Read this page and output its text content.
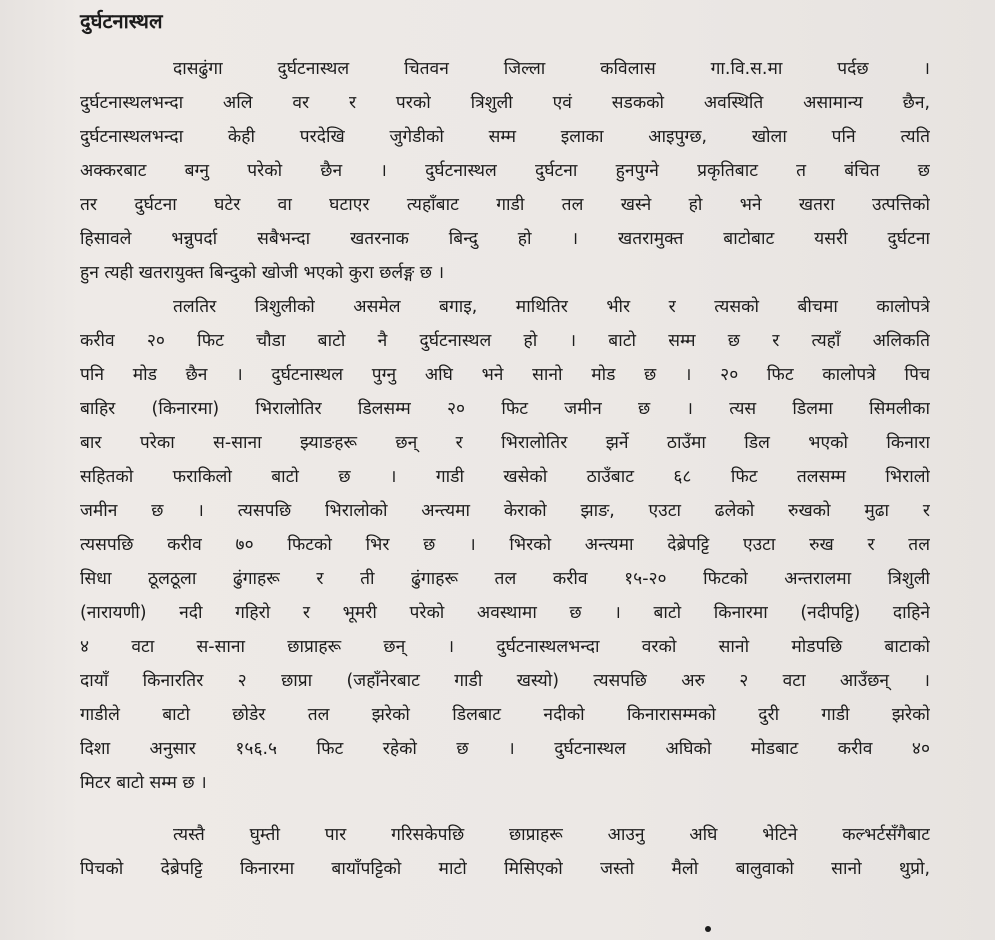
दुर्घटनास्थल
दासढुंगा दुर्घटनास्थल चितवन जिल्ला कविलास गा.वि.स.मा पर्दछ ।
दुर्घटनास्थलभन्दा अलि वर र परको त्रिशुली एवं सडकको अवस्थिति असामान्य छैन,
दुर्घटनास्थलभन्दा केही परदेखि जुगेडीको सम्म इलाका आइपुग्छ, खोला पनि त्यति
अक्करबाट बग्नु परेको छैन । दुर्घटनास्थल दुर्घटना हुनपुग्ने प्रकृतिबाट त बंचित छ
तर दुर्घटना घटेर वा घटाएर त्यहाँबाट गाडी तल खस्ने हो भने खतरा उत्पत्तिको
हिसावले भन्नुपर्दा सबैभन्दा खतरनाक बिन्दु हो । खतरामुक्त बाटोबाट यसरी दुर्घटना
हुन त्यही खतरायुक्त बिन्दुको खोजी भएको कुरा छर्लङ्ग छ ।
तलतिर त्रिशुलीको असमेल बगाइ, माथितिर भीर र त्यसको बीचमा कालोपत्रे
करीव २० फिट चौडा बाटो नै दुर्घटनास्थल हो । बाटो सम्म छ र त्यहाँ अलिकति
पनि मोड छैन । दुर्घटनास्थल पुग्नु अघि भने सानो मोड छ । २० फिट कालोपत्रे पिच
बाहिर (किनारमा) भिरालोतिर डिलसम्म २० फिट जमीन छ । त्यस डिलमा सिमलीका
बार परेका स-साना झ्याङहरू छन् र भिरालोतिर झर्ने ठाउँमा डिल भएको किनारा
सहितको फराकिलो बाटो छ । गाडी खसेको ठाउँबाट ६८ फिट तलसम्म भिरालो
जमीन छ । त्यसपछि भिरालोको अन्त्यमा केराको झाङ, एउटा ढलेको रुखको मुढा र
त्यसपछि करीव ७० फिटको भिर छ । भिरको अन्त्यमा देब्रेपट्टि एउटा रुख र तल
सिधा ठूलठूला ढुंगाहरू र ती ढुंगाहरू तल करीव १५-२० फिटको अन्तरालमा त्रिशुली
(नारायणी) नदी गहिरो र भूमरी परेको अवस्थामा छ । बाटो किनारमा (नदीपट्टि) दाहिने
४ वटा स-साना छाप्राहरू छन् । दुर्घटनास्थलभन्दा वरको सानो मोडपछि बाटाको
दायाँ किनारतिर २ छाप्रा (जहाँनेरबाट गाडी खस्यो) त्यसपछि अरु २ वटा आउँछन् ।
गाडीले बाटो छोडेर तल झरेको डिलबाट नदीको किनारासम्मको दुरी गाडी झरेको
दिशा अनुसार १५६.५ फिट रहेको छ । दुर्घटनास्थल अघिको मोडबाट करीव ४०
मिटर बाटो सम्म छ ।
त्यस्तै घुम्ती पार गरिसकेपछि छाप्राहरू आउनु अघि भेटिने कल्भर्टसँगैबाट
पिचको देब्रेपट्टि किनारमा बायाँपट्टिको माटो मिसिएको जस्तो मैलो बालुवाको सानो थुप्रो,
